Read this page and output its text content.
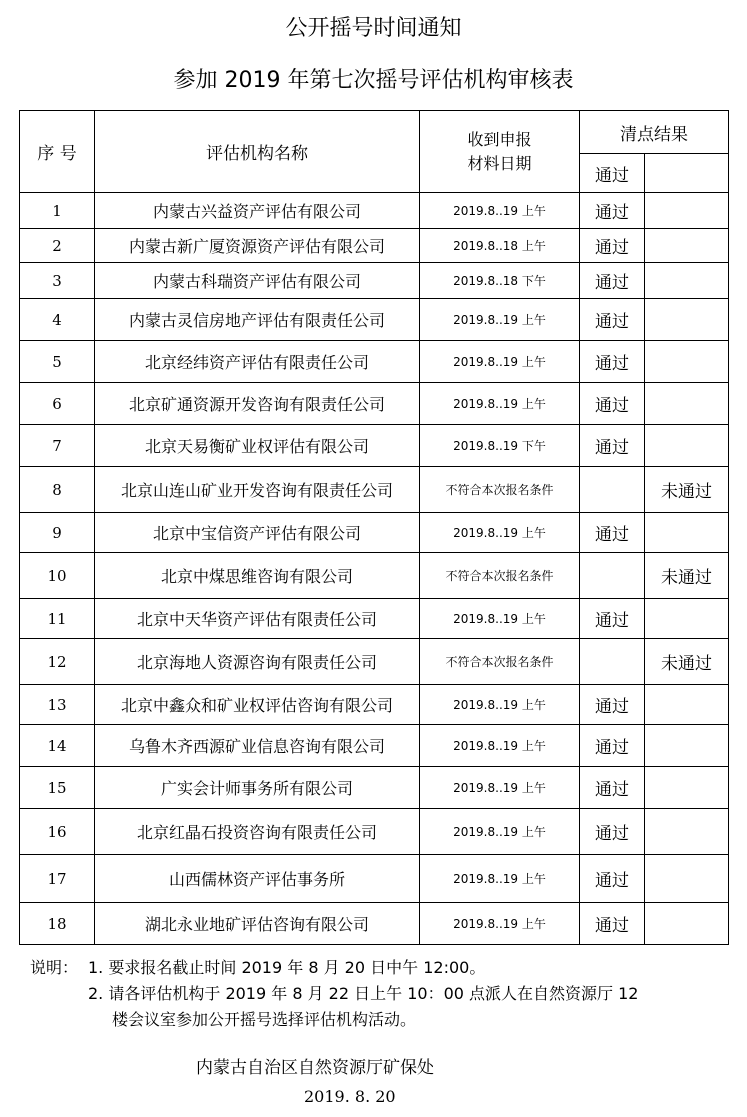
公开摇号时间通知
参加 2019 年第七次摇号评估机构审核表
序 号	评估机构名称	收到申报
材料日期	清点结果	
			通过	
1	内蒙古兴益资产评估有限公司	2019.8..19 上午	通过	
2	内蒙古新广厦资源资产评估有限公司	2019.8..18 上午	通过	
3	内蒙古科瑞资产评估有限公司	2019.8..18 下午	通过	
4	内蒙古灵信房地产评估有限责任公司	2019.8..19 上午	通过	
5	北京经纬资产评估有限责任公司	2019.8..19 上午	通过	
6	北京矿通资源开发咨询有限责任公司	2019.8..19 上午	通过	
7	北京天易衡矿业权评估有限公司	2019.8..19 下午	通过	
8	北京山连山矿业开发咨询有限责任公司	不符合本次报名条件		未通过
9	北京中宝信资产评估有限公司	2019.8..19 上午	通过	
10	北京中煤思维咨询有限公司	不符合本次报名条件		未通过
11	北京中天华资产评估有限责任公司	2019.8..19 上午	通过	
12	北京海地人资源咨询有限责任公司	不符合本次报名条件		未通过
13	北京中鑫众和矿业权评估咨询有限公司	2019.8..19 上午	通过	
14	乌鲁木齐西源矿业信息咨询有限公司	2019.8..19 上午	通过	
15	广实会计师事务所有限公司	2019.8..19 上午	通过	
16	北京红晶石投资咨询有限责任公司	2019.8..19 上午	通过	
17	山西儒林资产评估事务所	2019.8..19 上午	通过	
18	湖北永业地矿评估咨询有限公司	2019.8..19 上午	通过	
说明： 1. 要求报名截止时间 2019 年 8 月 20 日中午 12:00。
2. 请各评估机构于 2019 年 8 月 22 日上午 10：00 点派人在自然资源厅 12
楼会议室参加公开摇号选择评估机构活动。
内蒙古自治区自然资源厅矿保处
2019. 8. 20
